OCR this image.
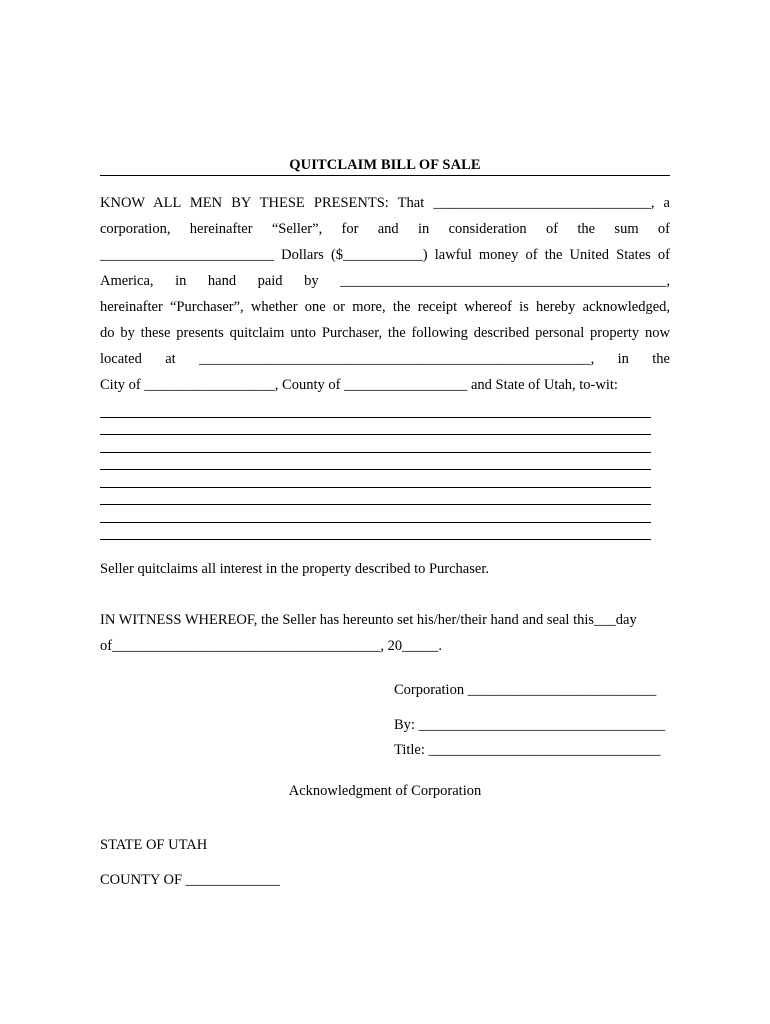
QUITCLAIM BILL OF SALE
KNOW ALL MEN BY THESE PRESENTS: That ______________________________, a
corporation, hereinafter “Seller”, for and in consideration of the sum of
________________________ Dollars ($___________) lawful money of the United States of
America, in hand paid by _____________________________________________,
hereinafter “Purchaser”, whether one or more, the receipt whereof is hereby acknowledged,
do by these presents quitclaim unto Purchaser, the following described personal property now
located at ______________________________________________________, in the
City of __________________, County of _________________ and State of Utah, to-wit:
Seller quitclaims all interest in the property described to Purchaser.
IN WITNESS WHEREOF, the Seller has hereunto set his/her/their hand and seal this___day
of_____________________________________, 20_____.
Corporation __________________________
By: __________________________________
Title: ________________________________
Acknowledgment of Corporation
STATE OF UTAH
COUNTY OF _____________
